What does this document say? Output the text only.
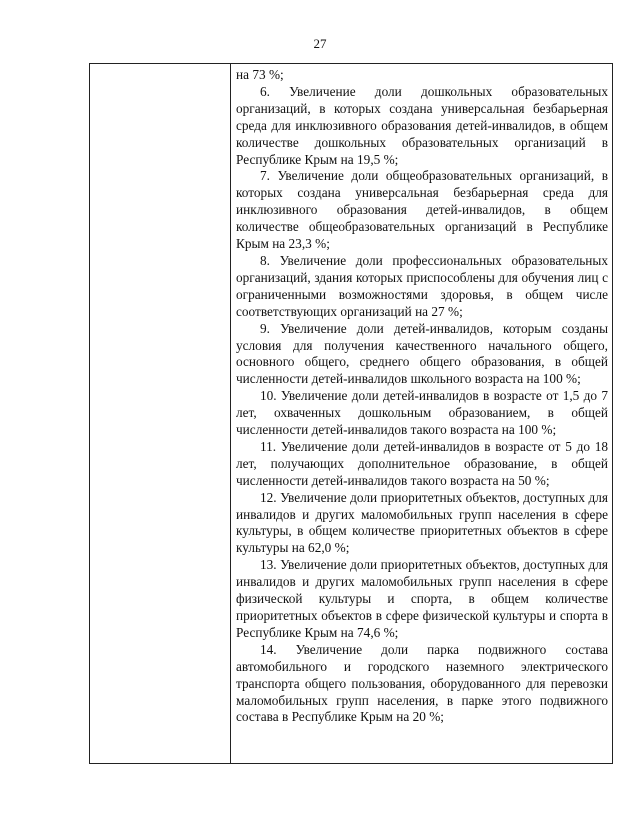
27

на 73 %;

6. Увеличение доли дошкольных образовательных организаций, в которых создана универсальная безбарьерная среда для инклюзивного образования детей-инвалидов, в общем количестве дошкольных образовательных организаций в Республике Крым на 19,5 %;

7. Увеличение доли общеобразовательных организаций, в которых создана универсальная безбарьерная среда для инклюзивного образования детей-инвалидов, в общем количестве общеобразовательных организаций в Республике Крым на 23,3 %;

8. Увеличение доли профессиональных образовательных организаций, здания которых приспособлены для обучения лиц с ограниченными возможностями здоровья, в общем числе соответствующих организаций на 27 %;

9. Увеличение доли детей-инвалидов, которым созданы условия для получения качественного начального общего, основного общего, среднего общего образования, в общей численности детей-инвалидов школьного возраста на 100 %;

10. Увеличение доли детей-инвалидов в возрасте от 1,5 до 7 лет, охваченных дошкольным образованием, в общей численности детей-инвалидов такого возраста на 100 %;

11. Увеличение доли детей-инвалидов в возрасте от 5 до 18 лет, получающих дополнительное образование, в общей численности детей-инвалидов такого возраста на 50 %;

12. Увеличение доли приоритетных объектов, доступных для инвалидов и других маломобильных групп населения в сфере культуры, в общем количестве приоритетных объектов в сфере культуры на 62,0 %;

13. Увеличение доли приоритетных объектов, доступных для инвалидов и других маломобильных групп населения в сфере физической культуры и спорта, в общем количестве приоритетных объектов в сфере физической культуры и спорта в Республике Крым на 74,6 %;

14. Увеличение доли парка подвижного состава автомобильного и городского наземного электрического транспорта общего пользования, оборудованного для перевозки маломобильных групп населения, в парке этого подвижного состава в Республике Крым на 20 %;
